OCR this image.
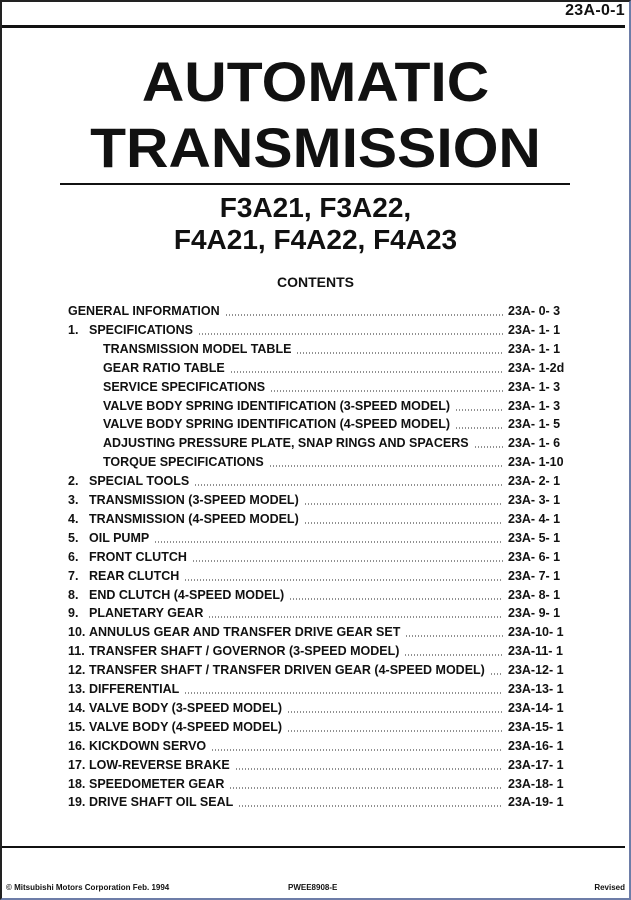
23A-0-1
AUTOMATIC
TRANSMISSION
F3A21, F3A22,
F4A21, F4A22, F4A23
CONTENTS
GENERAL INFORMATION	23A- 0- 3
1. SPECIFICATIONS	23A- 1- 1
TRANSMISSION MODEL TABLE	23A- 1- 1
GEAR RATIO TABLE	23A- 1-2d
SERVICE SPECIFICATIONS	23A- 1- 3
VALVE BODY SPRING IDENTIFICATION (3-SPEED MODEL)	23A- 1- 3
VALVE BODY SPRING IDENTIFICATION (4-SPEED MODEL)	23A- 1- 5
ADJUSTING PRESSURE PLATE, SNAP RINGS AND SPACERS	23A- 1- 6
TORQUE SPECIFICATIONS	23A- 1-10
2. SPECIAL TOOLS	23A- 2- 1
3. TRANSMISSION (3-SPEED MODEL)	23A- 3- 1
4. TRANSMISSION (4-SPEED MODEL)	23A- 4- 1
5. OIL PUMP	23A- 5- 1
6. FRONT CLUTCH	23A- 6- 1
7. REAR CLUTCH	23A- 7- 1
8. END CLUTCH (4-SPEED MODEL)	23A- 8- 1
9. PLANETARY GEAR	23A- 9- 1
10. ANNULUS GEAR AND TRANSFER DRIVE GEAR SET	23A-10- 1
11. TRANSFER SHAFT / GOVERNOR (3-SPEED MODEL)	23A-11- 1
12. TRANSFER SHAFT / TRANSFER DRIVEN GEAR (4-SPEED MODEL) 23A-12- 1
13. DIFFERENTIAL	23A-13- 1
14. VALVE BODY (3-SPEED MODEL)	23A-14- 1
15. VALVE BODY (4-SPEED MODEL)	23A-15- 1
16. KICKDOWN SERVO	23A-16- 1
17. LOW-REVERSE BRAKE	23A-17- 1
18. SPEEDOMETER GEAR	23A-18- 1
19. DRIVE SHAFT OIL SEAL	23A-19- 1
© Mitsubishi Motors Corporation Feb. 1994	PWEE8908-E	Revised
